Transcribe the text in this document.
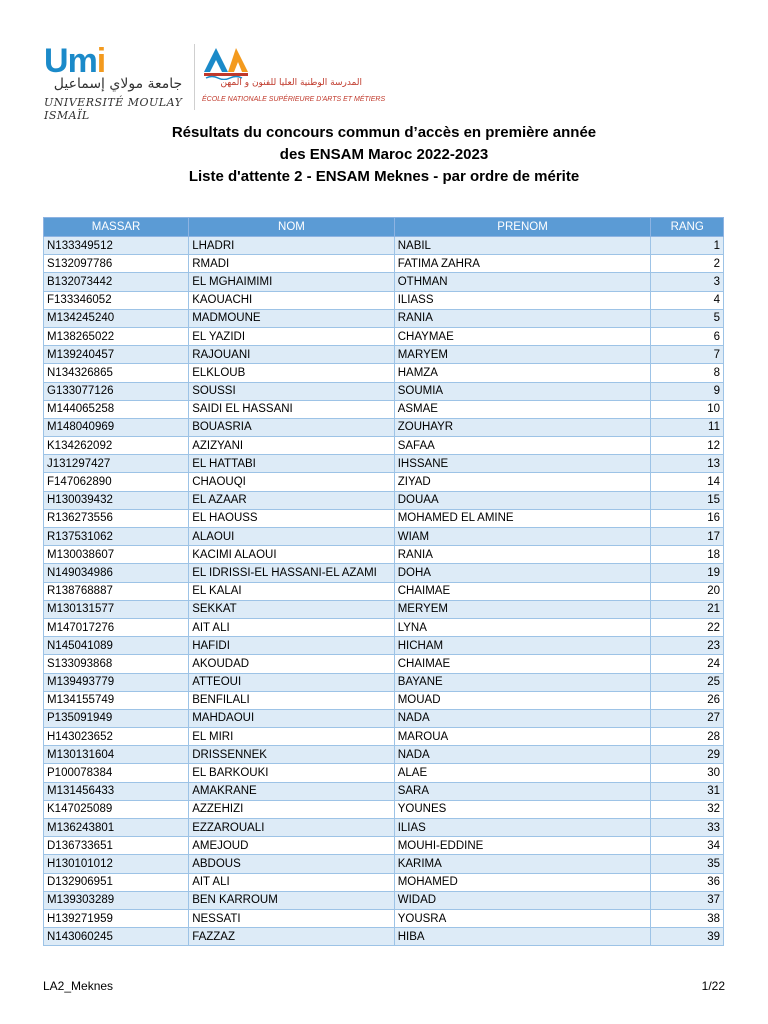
Umi
جامعة مولاي إسماعيل
UNIVERSITÉ MOULAY ISMAÏL
المدرسة الوطنية العليا للفنون و المهن
ÉCOLE NATIONALE SUPÉRIEURE D'ARTS ET MÉTIERS
Résultats du concours commun d’accès en première année
des ENSAM Maroc 2022-2023
Liste d'attente 2 - ENSAM Meknes - par ordre de mérite
MASSAR	NOM	PRENOM	RANG
N133349512	LHADRI	NABIL	1
S132097786	RMADI	FATIMA ZAHRA	2
B132073442	EL MGHAIMIMI	OTHMAN	3
F133346052	KAOUACHI	ILIASS	4
M134245240	MADMOUNE	RANIA	5
M138265022	EL YAZIDI	CHAYMAE	6
M139240457	RAJOUANI	MARYEM	7
N134326865	ELKLOUB	HAMZA	8
G133077126	SOUSSI	SOUMIA	9
M144065258	SAIDI EL HASSANI	ASMAE	10
M148040969	BOUASRIA	ZOUHAYR	11
K134262092	AZIZYANI	SAFAA	12
J131297427	EL HATTABI	IHSSANE	13
F147062890	CHAOUQI	ZIYAD	14
H130039432	EL AZAAR	DOUAA	15
R136273556	EL HAOUSS	MOHAMED EL AMINE	16
R137531062	ALAOUI	WIAM	17
M130038607	KACIMI ALAOUI	RANIA	18
N149034986	EL IDRISSI-EL HASSANI-EL AZAMI	DOHA	19
R138768887	EL KALAI	CHAIMAE	20
M130131577	SEKKAT	MERYEM	21
M147017276	AIT ALI	LYNA	22
N145041089	HAFIDI	HICHAM	23
S133093868	AKOUDAD	CHAIMAE	24
M139493779	ATTEOUI	BAYANE	25
M134155749	BENFILALI	MOUAD	26
P135091949	MAHDAOUI	NADA	27
H143023652	EL MIRI	MAROUA	28
M130131604	DRISSENNEK	NADA	29
P100078384	EL BARKOUKI	ALAE	30
M131456433	AMAKRANE	SARA	31
K147025089	AZZEHIZI	YOUNES	32
M136243801	EZZAROUALI	ILIAS	33
D136733651	AMEJOUD	MOUHI-EDDINE	34
H130101012	ABDOUS	KARIMA	35
D132906951	AIT ALI	MOHAMED	36
M139303289	BEN KARROUM	WIDAD	37
H139271959	NESSATI	YOUSRA	38
N143060245	FAZZAZ	HIBA	39
LA2_Meknes	1/22
